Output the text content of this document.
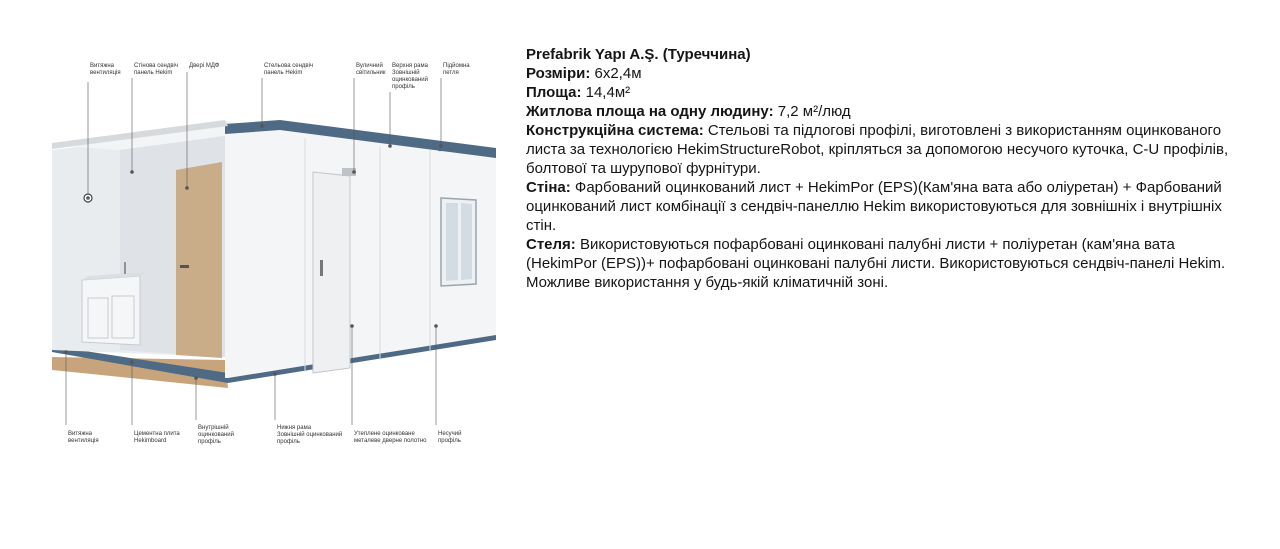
Витяжна
вентиляція
Стінова сендвіч
панель Hekim
Двері МДФ	Стельова сендвіч
панель Hekim
Вуличний
світильник
Верхня рама
Зовнішній
оцинкований
профіль
Підйомна
петля
Витяжна
вентиляція
Цементна плита
Hekimboard
Внутрішній
оцинкований
профіль
Нижня рама
Зовнішній оцинкований
профіль
Утеплене оцинковане
металеве дверне полотно
Несучий
профіль

Prefabrik Yapı A.Ş. (Туреччина)

Розміри: 6х2,4м

Площа: 14,4м²

Житлова площа на одну людину: 7,2 м²/люд

Конструкційна система: Стельові та підлогові профілі, виготовлені з використанням оцинкованого листа за технологією HekimStructureRobot, кріпляться за допомогою несучого куточка, C-U профілів, болтової та шурупової фурнітури.

Стіна: Фарбований оцинкований лист + HekimPor (EPS)(Кам'яна вата або оліуретан) + Фарбований оцинкований лист комбінації з сендвіч-панеллю Hekim використовуються для зовнішніх і внутрішніх стін.

Стеля: Використовуються пофарбовані оцинковані палубні листи + поліуретан (кам'яна вата (HekimPor (EPS))+ пофарбовані оцинковані палубні листи. Використовуються сендвіч-панелі Hekim.

Можливе використання у будь-якій кліматичній зоні.
